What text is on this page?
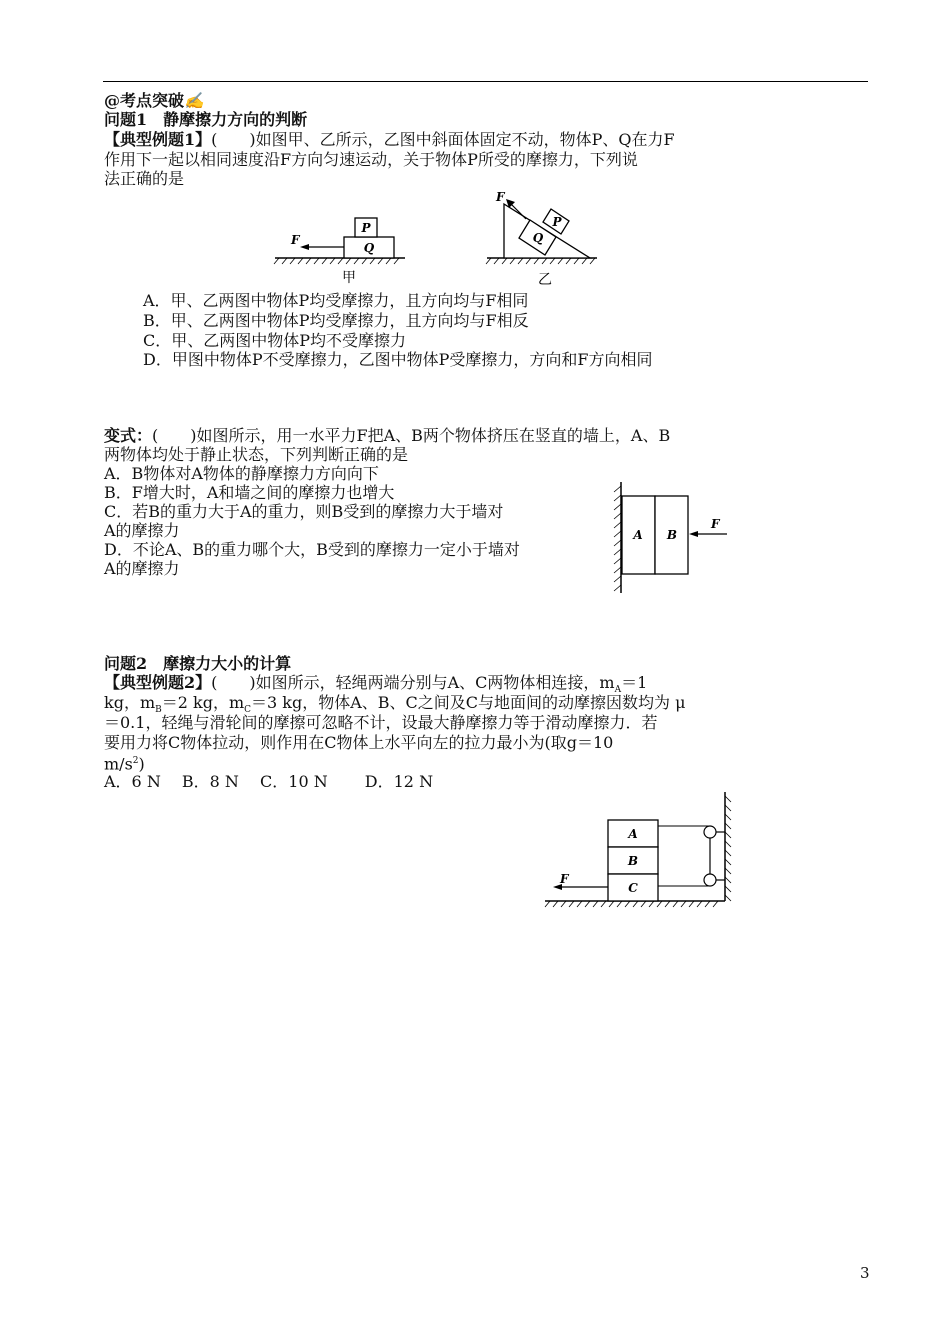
@考点突破✍
问题1　静摩擦力方向的判断
【典型例题1】(　　)如图甲、乙所示，乙图中斜面体固定不动，物体P、Q在力F
作用下一起以相同速度沿F方向匀速运动，关于物体P所受的摩擦力，下列说
法正确的是
Q
P
F
甲
Q
P
F
乙
A．甲、乙两图中物体P均受摩擦力，且方向均与F相同
B．甲、乙两图中物体P均受摩擦力，且方向均与F相反
C．甲、乙两图中物体P均不受摩擦力
D．甲图中物体P不受摩擦力，乙图中物体P受摩擦力，方向和F方向相同
变式：(　　)如图所示，用一水平力F把A、B两个物体挤压在竖直的墙上，A、B
两物体均处于静止状态，下列判断正确的是
A．B物体对A物体的静摩擦力方向向下
B．F增大时，A和墙之间的摩擦力也增大
C．若B的重力大于A的重力，则B受到的摩擦力大于墙对
A的摩擦力
D．不论A、B的重力哪个大，B受到的摩擦力一定小于墙对
A的摩擦力
A B
F
问题2　摩擦力大小的计算
【典型例题2】(　　)如图所示，轻绳两端分别与A、C两物体相连接，$m_A=1$
kg，$m_B=2$ kg，$m_C=3$ kg，物体A、B、C之间及C与地面间的动摩擦因数均为 μ
＝0.1，轻绳与滑轮间的摩擦可忽略不计，设最大静摩擦力等于滑动摩擦力．若
要用力将C物体拉动，则作用在C物体上水平向左的拉力最小为(取g＝10
$m/s^2$)
A．6 N　 B．8 N　 C．10 N　　 D．12 N
A
B
C
F
3
